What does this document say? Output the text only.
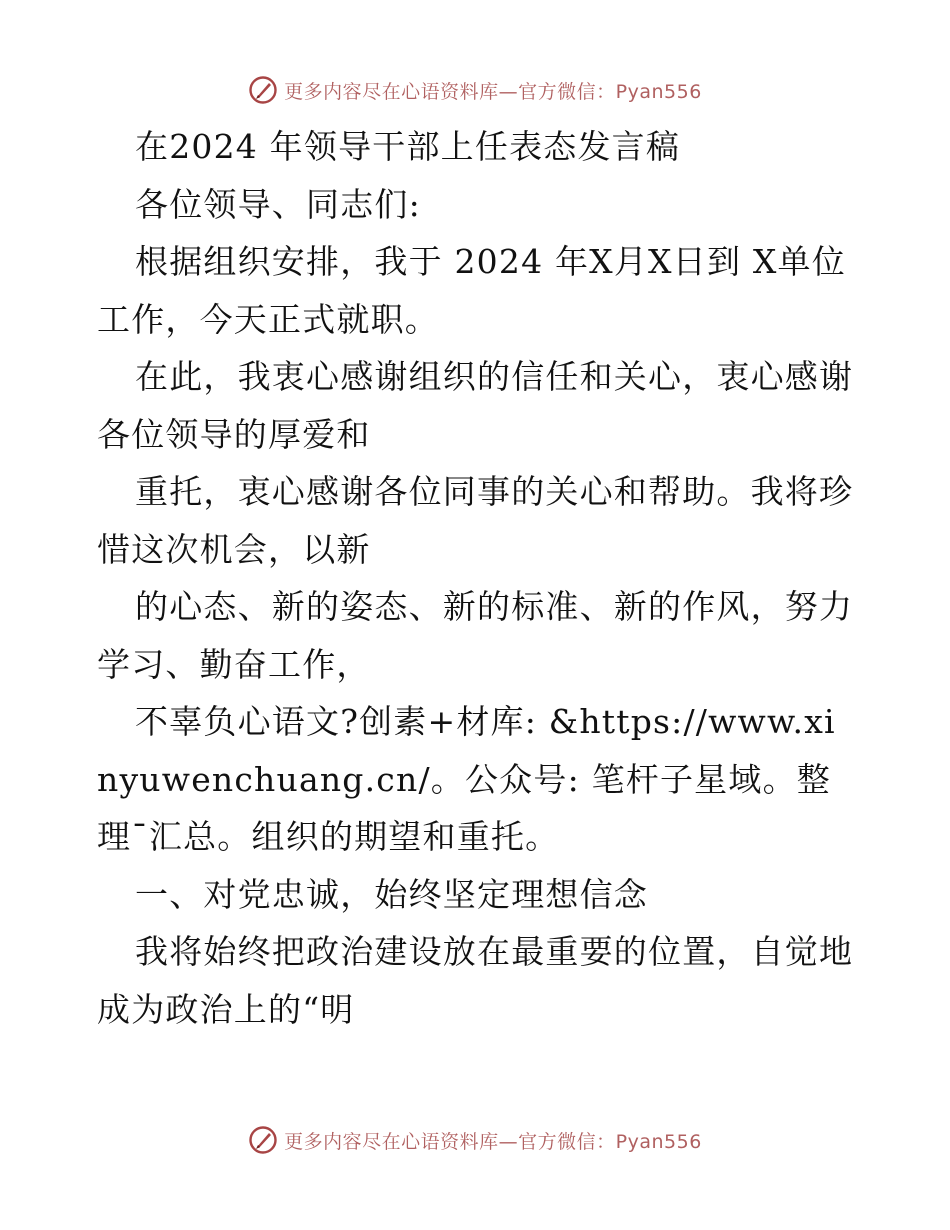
更多内容尽在心语资料库—官方微信：Pyan556

在2024 年领导干部上任表态发言稿

各位领导、同志们:

根据组织安排，我于 2024 年X月X日到 X单位工作，今天正式就职。

在此，我衷心感谢组织的信任和关心，衷心感谢各位领导的厚爱和

重托，衷心感谢各位同事的关心和帮助。我将珍惜这次机会，以新

的心态、新的姿态、新的标准、新的作风，努力学习、勤奋工作，

不辜负心语文?创素+材库: &https://www.xinyuwenchuang.cn/。公众号: 笔杆子星域。整理¯汇总。组织的期望和重托。

一、对党忠诚，始终坚定理想信念

我将始终把政治建设放在最重要的位置，自觉地成为政治上的“明

更多内容尽在心语资料库—官方微信：Pyan556
